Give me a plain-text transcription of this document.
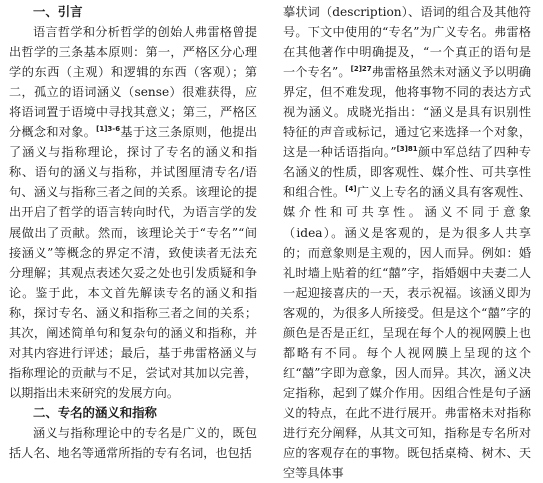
一、引言

语言哲学和分析哲学的创始人弗雷格曾提出哲学的三条基本原则：第一，严格区分心理学的东西（主观）和逻辑的东西（客观）；第二，孤立的语词涵义（sense）很难获得，应将语词置于语境中寻找其意义；第三，严格区分概念和对象。$^{[1]3-6}$基于这三条原则，他提出了涵义与指称理论，探讨了专名的涵义和指称、语句的涵义与指称，并试图厘清专名/语句、涵义与指称三者之间的关系。该理论的提出开启了哲学的语言转向时代，为语言学的发展做出了贡献。然而，该理论关于“专名”“间接涵义”等概念的界定不清，致使读者无法充分理解；其观点表述欠妥之处也引发质疑和争论。鉴于此，本文首先解读专名的涵义和指称，探讨专名、涵义和指称三者之间的关系；其次，阐述简单句和复杂句的涵义和指称，并对其内容进行评述；最后，基于弗雷格涵义与指称理论的贡献与不足，尝试对其加以完善，以期指出未来研究的发展方向。

二、专名的涵义和指称

涵义与指称理论中的专名是广义的，既包括人名、地名等通常所指的专有名词，也包括

摹状词（description）、语词的组合及其他符号。下文中使用的“专名”为广义专名。弗雷格在其他著作中明确提及，“一个真正的语句是一个专名”。$^{[2]27}$弗雷格虽然未对涵义予以明确界定，但不难发现，他将事物不同的表达方式视为涵义。成晓光指出：“涵义是具有识别性特征的声音或标记，通过它来选择一个对象，这是一种话语指向。”$^{[3]81}$颜中军总结了四种专名涵义的性质，即客观性、媒介性、可共享性和组合性。[4]广义上专名的涵义具有客观性、媒介性和可共享性。涵义不同于意象（idea）。涵义是客观的，是为很多人共享的；而意象则是主观的，因人而异。例如：婚礼时墙上贴着的红“囍”字，指婚姻中夫妻二人一起迎接喜庆的一天，表示祝福。该涵义即为客观的，为很多人所接受。但是这个“囍”字的颜色是否是正红，呈现在每个人的视网膜上也都略有不同。每个人视网膜上呈现的这个红“囍”字即为意象，因人而异。其次，涵义决定指称，起到了媒介作用。因组合性是句子涵义的特点，在此不进行展开。弗雷格未对指称进行充分阐释，从其文可知，指称是专名所对应的客观存在的事物。既包括桌椅、树木、天空等具体事
